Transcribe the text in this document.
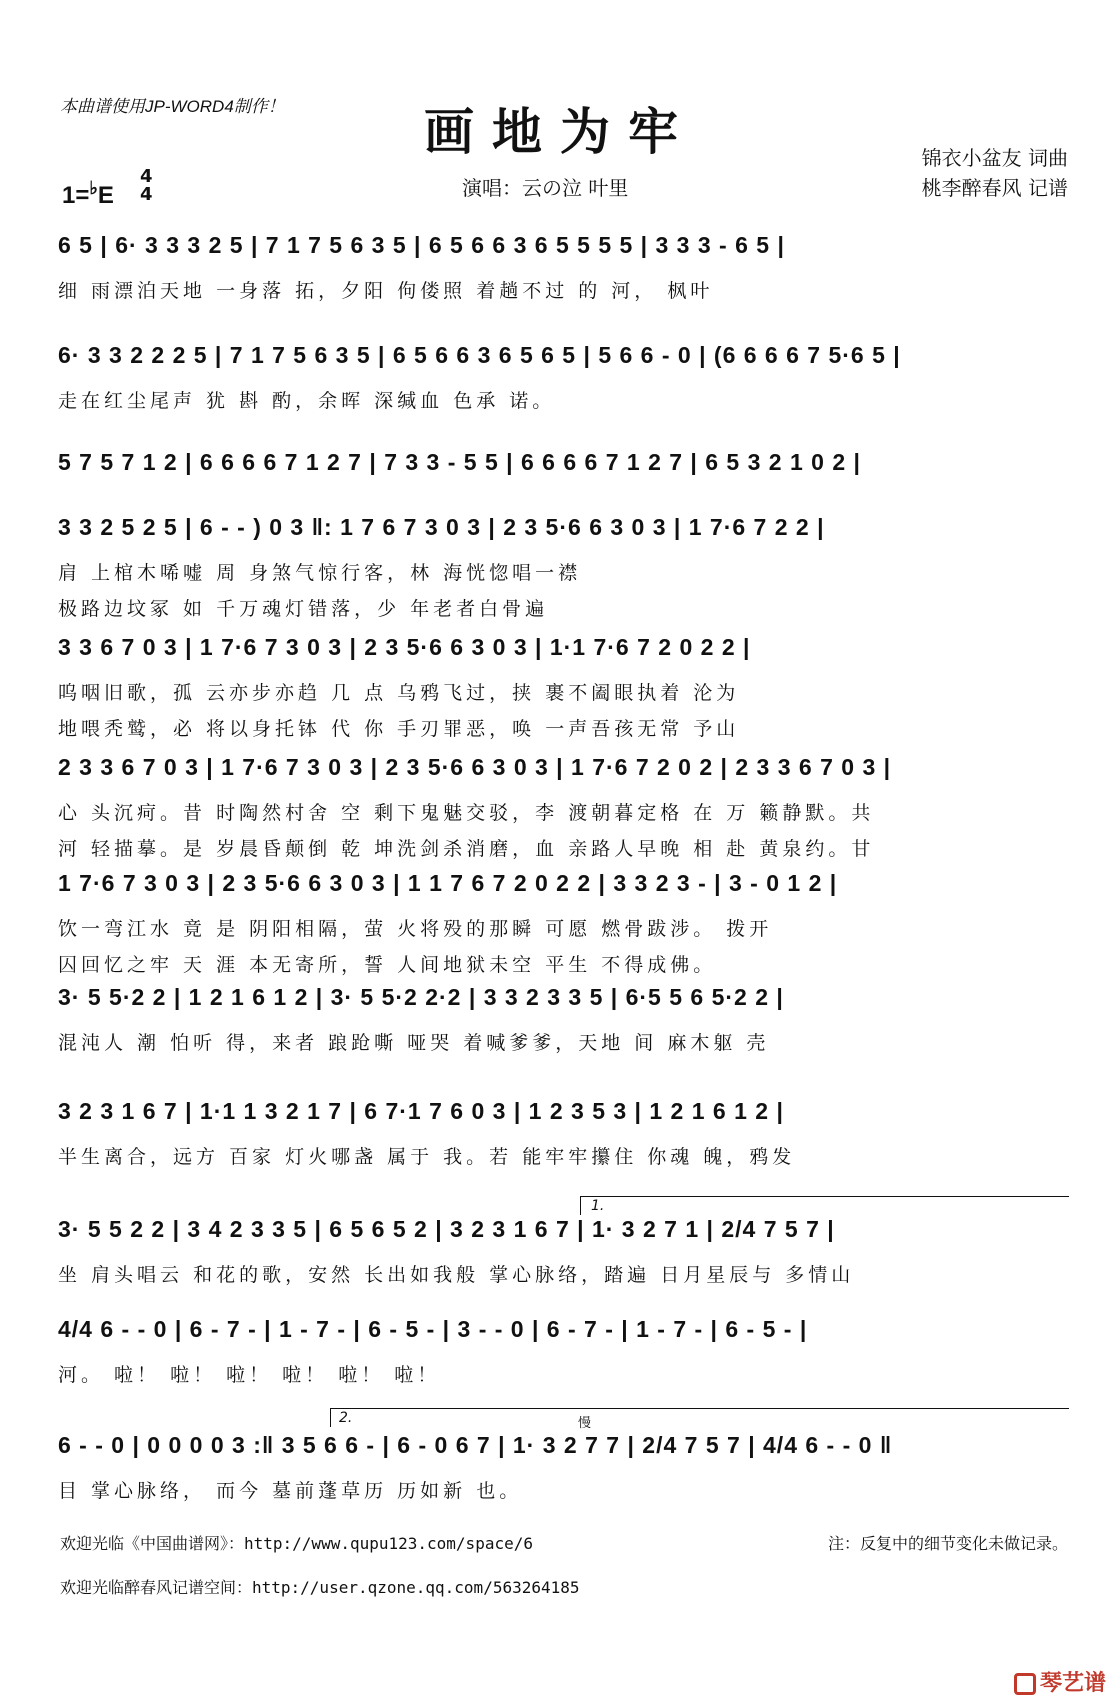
本曲谱使用JP-WORD4制作！	画地为牢	锦衣小盆友 词曲
桃李醉春风 记谱
1=♭E
4
4	演唱：云の泣 叶里
1.
2.	慢
6 5 | 6· 3 3 3 2 5 | 7 1 7 5 6 3 5 | 6 5 6 6 3 6 5 5 5 5 | 3 3 3 - 6 5 |
细 雨漂泊天地 一身落 拓，夕阳 佝偻照 着趟不过 的 河， 枫叶
6· 3 3 2 2 2 5 | 7 1 7 5 6 3 5 | 6 5 6 6 3 6 5 6 5 | 5 6 6 - 0 | (6 6 6 6 7 5·6 5 |
走在红尘尾声 犹 斟 酌，余晖 深缄血 色承 诺。
5 7 5 7 1 2 | 6 6 6 6 7 1 2 7 | 7 3 3 - 5 5 | 6 6 6 6 7 1 2 7 | 6 5 3 2 1 0 2 |
3 3 2 5 2 5 | 6 - - ) 0 3 ‖: 1 7 6 7 3 0 3 | 2 3 5·6 6 3 0 3 | 1 7·6 7 2 2 |
肩 上棺木唏嘘 周 身煞气惊行客，林 海恍惚唱一襟
极路边坟冢 如 千万魂灯错落，少 年老者白骨遍
3 3 6 7 0 3 | 1 7·6 7 3 0 3 | 2 3 5·6 6 3 0 3 | 1·1 7·6 7 2 0 2 2 |
呜咽旧歌，孤 云亦步亦趋 几 点 乌鸦飞过，挟 裹不阖眼执着 沦为
地喂秃鹫，必 将以身托钵 代 你 手刃罪恶，唤 一声吾孩无常 予山
2 3 3 6 7 0 3 | 1 7·6 7 3 0 3 | 2 3 5·6 6 3 0 3 | 1 7·6 7 2 0 2 | 2 3 3 6 7 0 3 |
心 头沉疴。昔 时陶然村舍 空 剩下鬼魅交驳，李 渡朝暮定格 在 万 籁静默。共
河 轻描摹。是 岁晨昏颠倒 乾 坤洗剑杀消磨，血 亲路人早晚 相 赴 黄泉约。甘
1 7·6 7 3 0 3 | 2 3 5·6 6 3 0 3 | 1 1 7 6 7 2 0 2 2 | 3 3 2 3 - | 3 - 0 1 2 |
饮一弯江水 竟 是 阴阳相隔，萤 火将殁的那瞬 可愿 燃骨跋涉。 拨开
囚回忆之牢 天 涯 本无寄所，誓 人间地狱未空 平生 不得成佛。
3· 5 5·2 2 | 1 2 1 6 1 2 | 3· 5 5·2 2·2 | 3 3 2 3 3 5 | 6·5 5 6 5·2 2 |
混沌人 潮 怕听 得，来者 踉跄嘶 哑哭 着喊爹爹，天地 间 麻木躯 壳
3 2 3 1 6 7 | 1·1 1 3 2 1 7 | 6 7·1 7 6 0 3 | 1 2 3 5 3 | 1 2 1 6 1 2 |
半生离合，远方 百家 灯火哪盏 属于 我。若 能牢牢攥住 你魂 魄，鸦发
3· 5 5 2 2 | 3 4 2 3 3 5 | 6 5 6 5 2 | 3 2 3 1 6 7 | 1· 3 2 7 1 | 2/4 7 5 7 |
坐 肩头唱云 和花的歌，安然 长出如我般 掌心脉络，踏遍 日月星辰与 多情山
4/4 6 - - 0 | 6 - 7 - | 1 - 7 - | 6 - 5 - | 3 - - 0 | 6 - 7 - | 1 - 7 - | 6 - 5 - |
河。 啦！ 啦！ 啦！ 啦！ 啦！ 啦！
6 - - 0 | 0 0 0 0 3 :‖ 3 5 6 6 - | 6 - 0 6 7 | 1· 3 2 7 7 | 2/4 7 5 7 | 4/4 6 - - 0 ‖
目 掌心脉络， 而今 墓前蓬草历 历如新 也。
欢迎光临《中国曲谱网》：http://www.qupu123.com/space/6
欢迎光临醉春风记谱空间：http://user.qzone.qq.com/563264185
注：反复中的细节变化未做记录。
琴艺谱
